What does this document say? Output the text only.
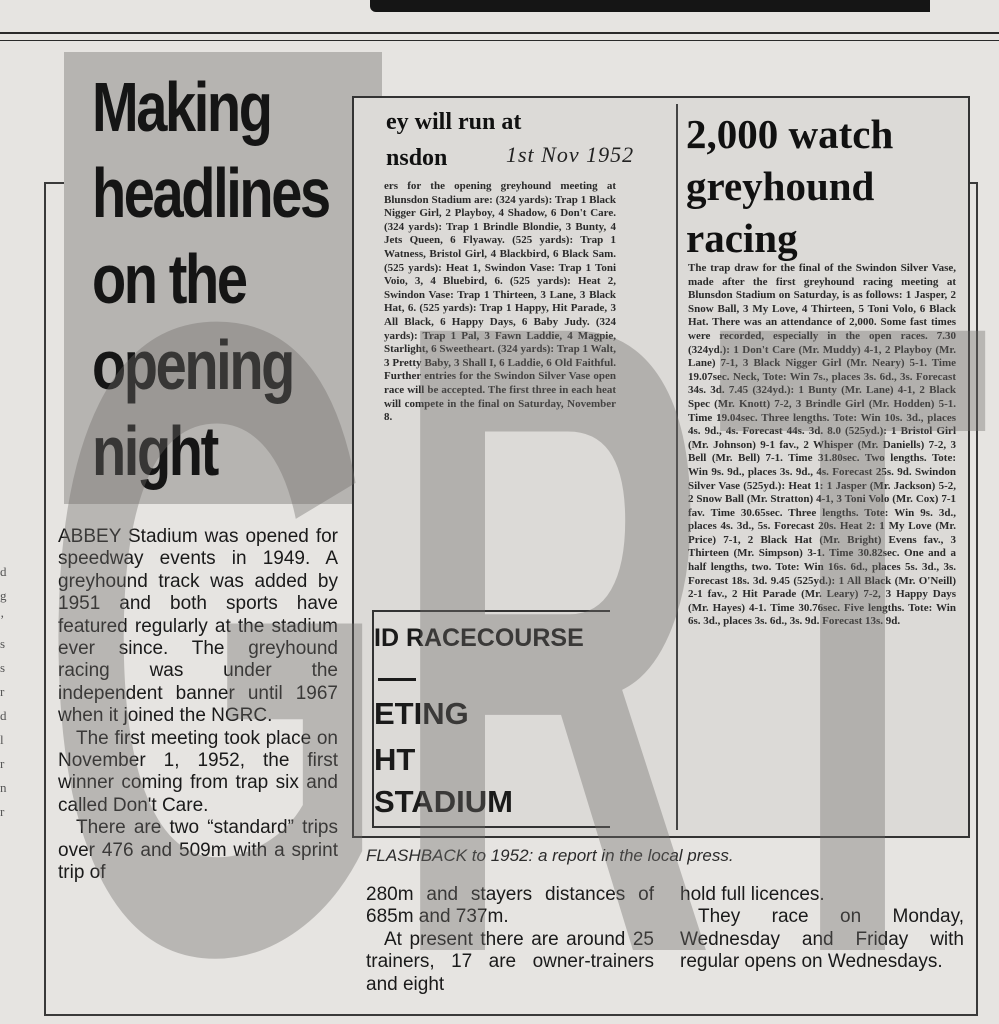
d
g
’
s
s
r
d
l
r
n
r
Making headlines on the opening night

ABBEY Stadium was opened for speedway events in 1949. A greyhound track was added by 1951 and both sports have featured regularly at the stadium ever since. The greyhound racing was under the independent banner until 1967 when it joined the NGRC.

The first meeting took place on November 1, 1952, the first winner coming from trap six and called Don't Care.

There are two “standard” trips over 476 and 509m with a sprint trip of

ey will run at
nsdon	1st Nov 1952
ers for the opening greyhound meeting at Blunsdon Stadium are: (324 yards): Trap 1 Black Nigger Girl, 2 Playboy, 4 Shadow, 6 Don't Care. (324 yards): Trap 1 Brindle Blondie, 3 Bunty, 4 Jets Queen, 6 Flyaway. (525 yards): Trap 1 Watness, Bristol Girl, 4 Blackbird, 6 Black Sam. (525 yards): Heat 1, Swindon Vase: Trap 1 Toni Voio, 3, 4 Bluebird, 6. (525 yards): Heat 2, Swindon Vase: Trap 1 Thirteen, 3 Lane, 3 Black Hat, 6. (525 yards): Trap 1 Happy, Hit Parade, 3 All Black, 6 Happy Days, 6 Baby Judy. (324 yards): Trap 1 Pal, 3 Fawn Laddie, 4 Magpie, Starlight, 6 Sweetheart. (324 yards): Trap 1 Walt, 3 Pretty Baby, 3 Shall I, 6 Laddie, 6 Old Faithful. Further entries for the Swindon Silver Vase open race will be accepted. The first three in each heat will compete in the final on Saturday, November 8.
ID RACECOURSE
ETING
HT
STADIUM
2,000 watch greyhound racing
The trap draw for the final of the Swindon Silver Vase, made after the first greyhound racing meeting at Blunsdon Stadium on Saturday, is as follows: 1 Jasper, 2 Snow Ball, 3 My Love, 4 Thirteen, 5 Toni Volo, 6 Black Hat. There was an attendance of 2,000. Some fast times were recorded, especially in the open races. 7.30 (324yd.): 1 Don't Care (Mr. Muddy) 4-1, 2 Playboy (Mr. Lane) 7-1, 3 Black Nigger Girl (Mr. Neary) 5-1. Time 19.07sec. Neck, Tote: Win 7s., places 3s. 6d., 3s. Forecast 34s. 3d. 7.45 (324yd.): 1 Bunty (Mr. Lane) 4-1, 2 Black Spec (Mr. Knott) 7-2, 3 Brindle Girl (Mr. Hodden) 5-1. Time 19.04sec. Three lengths. Tote: Win 10s. 3d., places 4s. 9d., 4s. Forecast 44s. 3d. 8.0 (525yd.): 1 Bristol Girl (Mr. Johnson) 9-1 fav., 2 Whisper (Mr. Daniells) 7-2, 3 Bell (Mr. Bell) 7-1. Time 31.80sec. Two lengths. Tote: Win 9s. 9d., places 3s. 9d., 4s. Forecast 25s. 9d. Swindon Silver Vase (525yd.): Heat 1: 1 Jasper (Mr. Jackson) 5-2, 2 Snow Ball (Mr. Stratton) 4-1, 3 Toni Volo (Mr. Cox) 7-1 fav. Time 30.65sec. Three lengths. Tote: Win 9s. 3d., places 4s. 3d., 5s. Forecast 20s. Heat 2: 1 My Love (Mr. Price) 7-1, 2 Black Hat (Mr. Bright) Evens fav., 3 Thirteen (Mr. Simpson) 3-1. Time 30.82sec. One and a half lengths, two. Tote: Win 16s. 6d., places 5s. 3d., 3s. Forecast 18s. 3d. 9.45 (525yd.): 1 All Black (Mr. O'Neill) 2-1 fav., 2 Hit Parade (Mr. Leary) 7-2, 3 Happy Days (Mr. Hayes) 4-1. Time 30.76sec. Five lengths. Tote: Win 6s. 3d., places 3s. 6d., 3s. 9d. Forecast 13s. 9d.
FLASHBACK to 1952: a report in the local press.

280m and stayers distances of 685m and 737m.

At present there are around 25 trainers, 17 are owner-trainers and eight

hold full licences.

They race on Monday, Wednesday and Friday with regular opens on Wednesdays.

GRT
